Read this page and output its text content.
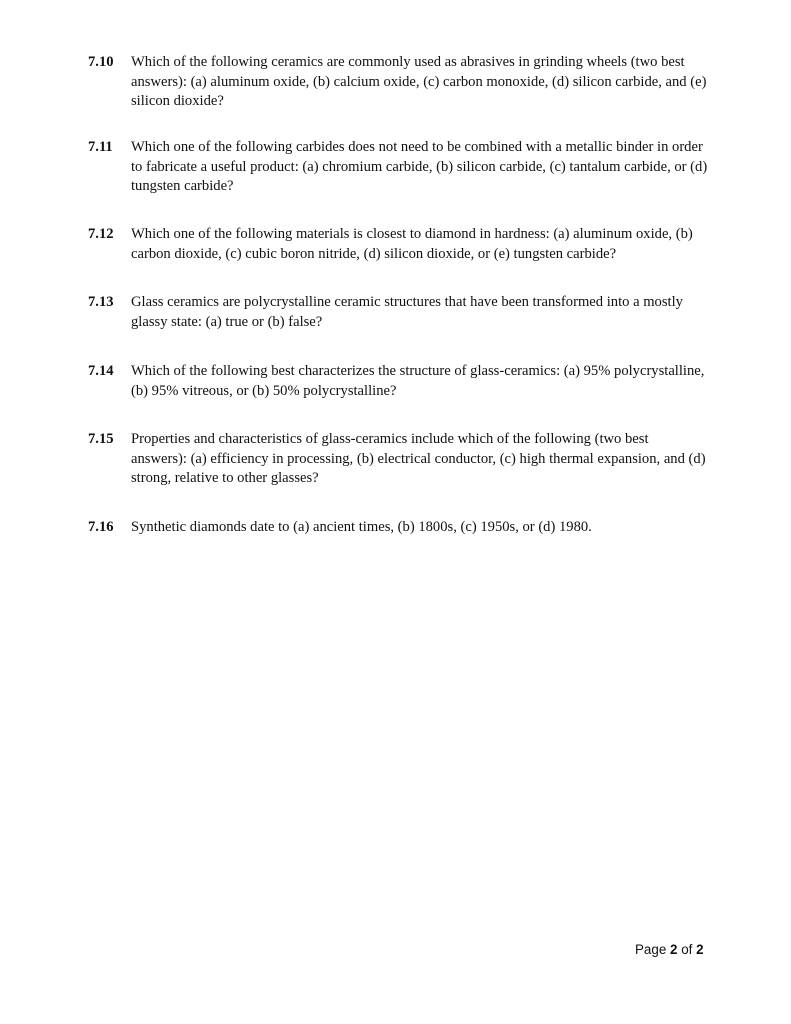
7.10 Which of the following ceramics are commonly used as abrasives in grinding wheels (two best answers): (a) aluminum oxide, (b) calcium oxide, (c) carbon monoxide, (d) silicon carbide, and (e) silicon dioxide?
7.11 Which one of the following carbides does not need to be combined with a metallic binder in order to fabricate a useful product: (a) chromium carbide, (b) silicon carbide, (c) tantalum carbide, or (d) tungsten carbide?
7.12 Which one of the following materials is closest to diamond in hardness: (a) aluminum oxide, (b) carbon dioxide, (c) cubic boron nitride, (d) silicon dioxide, or (e) tungsten carbide?
7.13 Glass ceramics are polycrystalline ceramic structures that have been transformed into a mostly glassy state: (a) true or (b) false?
7.14 Which of the following best characterizes the structure of glass-ceramics: (a) 95% polycrystalline, (b) 95% vitreous, or (b) 50% polycrystalline?
7.15 Properties and characteristics of glass-ceramics include which of the following (two best answers): (a) efficiency in processing, (b) electrical conductor, (c) high thermal expansion, and (d) strong, relative to other glasses?
7.16 Synthetic diamonds date to (a) ancient times, (b) 1800s, (c) 1950s, or (d) 1980.
Page 2 of 2
